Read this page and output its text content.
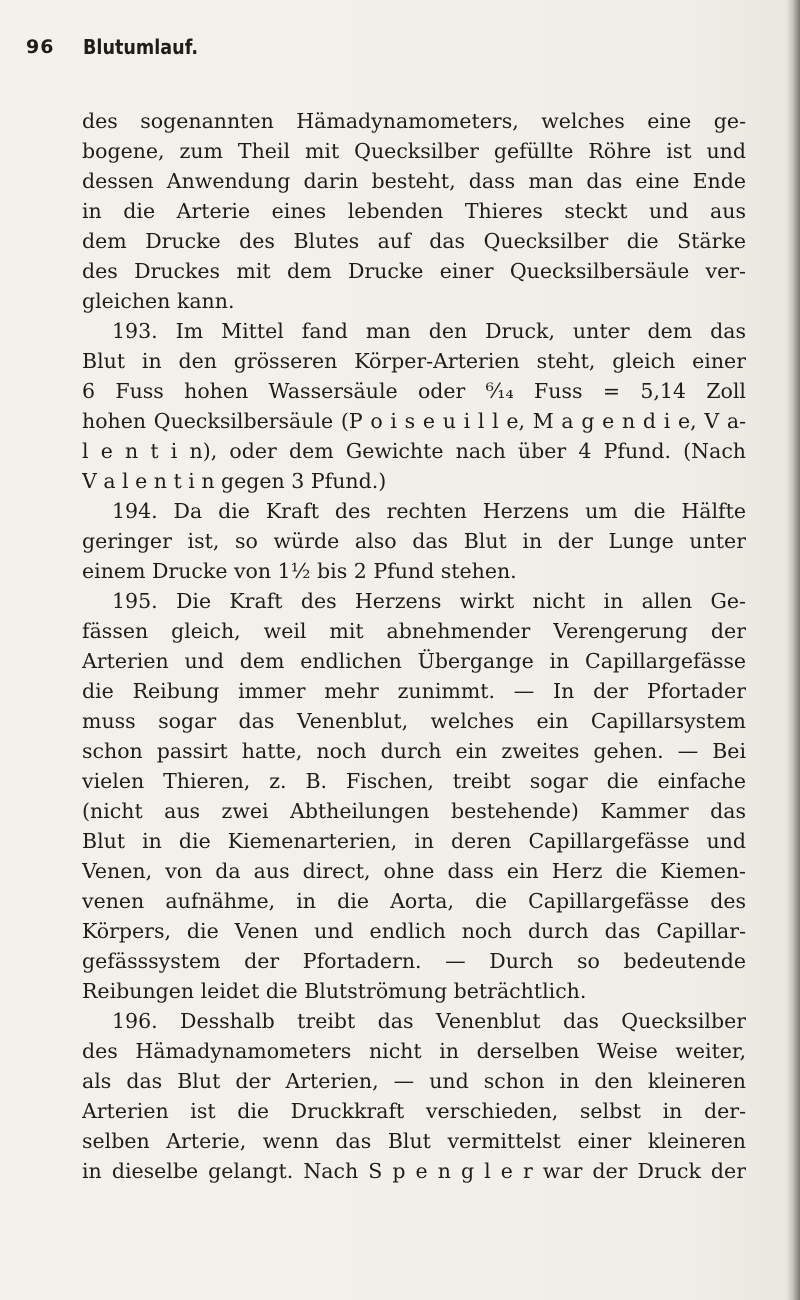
96 Blutumlauf.
des sogenannten Hämadynamometers, welches eine ge-
bogene, zum Theil mit Quecksilber gefüllte Röhre ist und
dessen Anwendung darin besteht, dass man das eine Ende
in die Arterie eines lebenden Thieres steckt und aus
dem Drucke des Blutes auf das Quecksilber die Stärke
des Druckes mit dem Drucke einer Quecksilbersäule ver-
gleichen kann.
193. Im Mittel fand man den Druck, unter dem das
Blut in den grösseren Körper-Arterien steht, gleich einer
6 Fuss hohen Wassersäule oder ⁶⁄₁₄ Fuss = 5,14 Zoll
hohen Quecksilbersäule (P o i s e u i l l e, M a g e n d i e, V a-
l e n t i n), oder dem Gewichte nach über 4 Pfund. (Nach
V a l e n t i n gegen 3 Pfund.)
194. Da die Kraft des rechten Herzens um die Hälfte
geringer ist, so würde also das Blut in der Lunge unter
einem Drucke von 1½ bis 2 Pfund stehen.
195. Die Kraft des Herzens wirkt nicht in allen Ge-
fässen gleich, weil mit abnehmender Verengerung der
Arterien und dem endlichen Übergange in Capillargefässe
die Reibung immer mehr zunimmt. — In der Pfortader
muss sogar das Venenblut, welches ein Capillarsystem
schon passirt hatte, noch durch ein zweites gehen. — Bei
vielen Thieren, z. B. Fischen, treibt sogar die einfache
(nicht aus zwei Abtheilungen bestehende) Kammer das
Blut in die Kiemenarterien, in deren Capillargefässe und
Venen, von da aus direct, ohne dass ein Herz die Kiemen-
venen aufnähme, in die Aorta, die Capillargefässe des
Körpers, die Venen und endlich noch durch das Capillar-
gefässsystem der Pfortadern. — Durch so bedeutende
Reibungen leidet die Blutströmung beträchtlich.
196. Desshalb treibt das Venenblut das Quecksilber
des Hämadynamometers nicht in derselben Weise weiter,
als das Blut der Arterien, — und schon in den kleineren
Arterien ist die Druckkraft verschieden, selbst in der-
selben Arterie, wenn das Blut vermittelst einer kleineren
in dieselbe gelangt. Nach S p e n g l e r war der Druck der
